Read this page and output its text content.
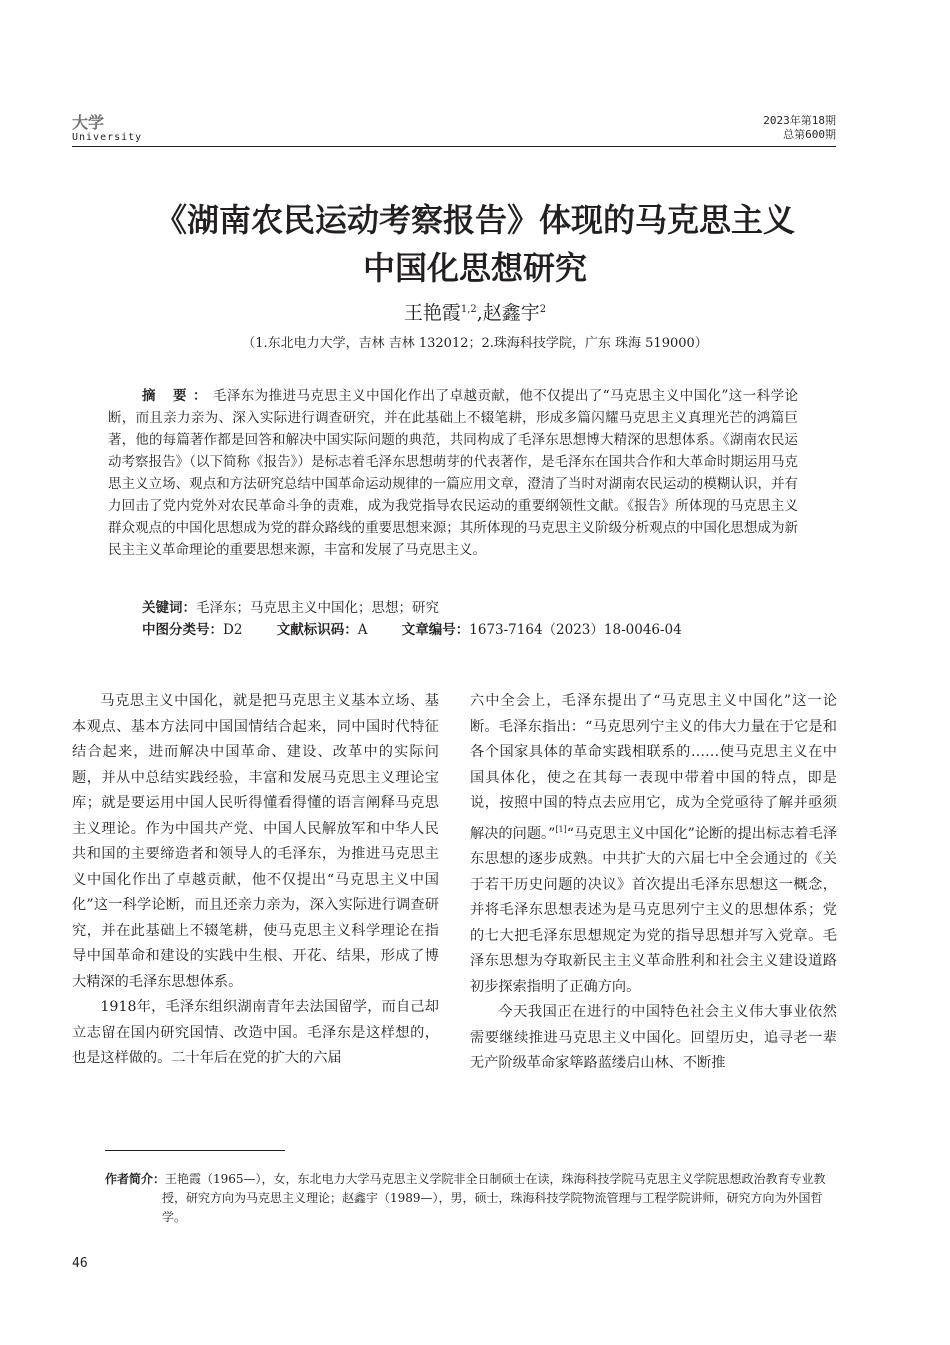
大学
University
2023年第18期
总第600期
《湖南农民运动考察报告》体现的马克思主义
中国化思想研究
王艳霞$^{1,2}$,赵鑫宇$^2$
（1.东北电力大学，吉林 吉林 132012；2.珠海科技学院，广东 珠海 519000）
摘 要：毛泽东为推进马克思主义中国化作出了卓越贡献，他不仅提出了“马克思主义中国化”这一科学论断，而且亲力亲为、深入实际进行调查研究，并在此基础上不辍笔耕，形成多篇闪耀马克思主义真理光芒的鸿篇巨著，他的每篇著作都是回答和解决中国实际问题的典范，共同构成了毛泽东思想博大精深的思想体系。《湖南农民运动考察报告》（以下简称《报告》）是标志着毛泽东思想萌芽的代表著作，是毛泽东在国共合作和大革命时期运用马克思主义立场、观点和方法研究总结中国革命运动规律的一篇应用文章，澄清了当时对湖南农民运动的模糊认识，并有力回击了党内党外对农民革命斗争的责难，成为我党指导农民运动的重要纲领性文献。《报告》所体现的马克思主义群众观点的中国化思想成为党的群众路线的重要思想来源；其所体现的马克思主义阶级分析观点的中国化思想成为新民主主义革命理论的重要思想来源，丰富和发展了马克思主义。
关键词：毛泽东；马克思主义中国化；思想；研究
中图分类号：D2	文献标识码：A	文章编号：1673-7164（2023）18-0046-04

马克思主义中国化，就是把马克思主义基本立场、基本观点、基本方法同中国国情结合起来，同中国时代特征结合起来，进而解决中国革命、建设、改革中的实际问题，并从中总结实践经验，丰富和发展马克思主义理论宝库；就是要运用中国人民听得懂看得懂的语言阐释马克思主义理论。作为中国共产党、中国人民解放军和中华人民共和国的主要缔造者和领导人的毛泽东，为推进马克思主义中国化作出了卓越贡献，他不仅提出“马克思主义中国化”这一科学论断，而且还亲力亲为，深入实际进行调查研究，并在此基础上不辍笔耕，使马克思主义科学理论在指导中国革命和建设的实践中生根、开花、结果，形成了博大精深的毛泽东思想体系。

1918年，毛泽东组织湖南青年去法国留学，而自己却立志留在国内研究国情、改造中国。毛泽东是这样想的，也是这样做的。二十年后在党的扩大的六届

六中全会上，毛泽东提出了“马克思主义中国化”这一论断。毛泽东指出：“马克思列宁主义的伟大力量在于它是和各个国家具体的革命实践相联系的……使马克思主义在中国具体化，使之在其每一表现中带着中国的特点，即是说，按照中国的特点去应用它，成为全党亟待了解并亟须解决的问题。”[1]“马克思主义中国化”论断的提出标志着毛泽东思想的逐步成熟。中共扩大的六届七中全会通过的《关于若干历史问题的决议》首次提出毛泽东思想这一概念，并将毛泽东思想表述为是马克思列宁主义的思想体系；党的七大把毛泽东思想规定为党的指导思想并写入党章。毛泽东思想为夺取新民主主义革命胜利和社会主义建设道路初步探索指明了正确方向。

今天我国正在进行的中国特色社会主义伟大事业依然需要继续推进马克思主义中国化。回望历史，追寻老一辈无产阶级革命家筚路蓝缕启山林、不断推

作者简介：王艳霞（1965—），女，东北电力大学马克思主义学院非全日制硕士在读，珠海科技学院马克思主义学院思想政治教育专业教授，研究方向为马克思主义理论；赵鑫宇（1989—），男，硕士，珠海科技学院物流管理与工程学院讲师，研究方向为外国哲学。
46
